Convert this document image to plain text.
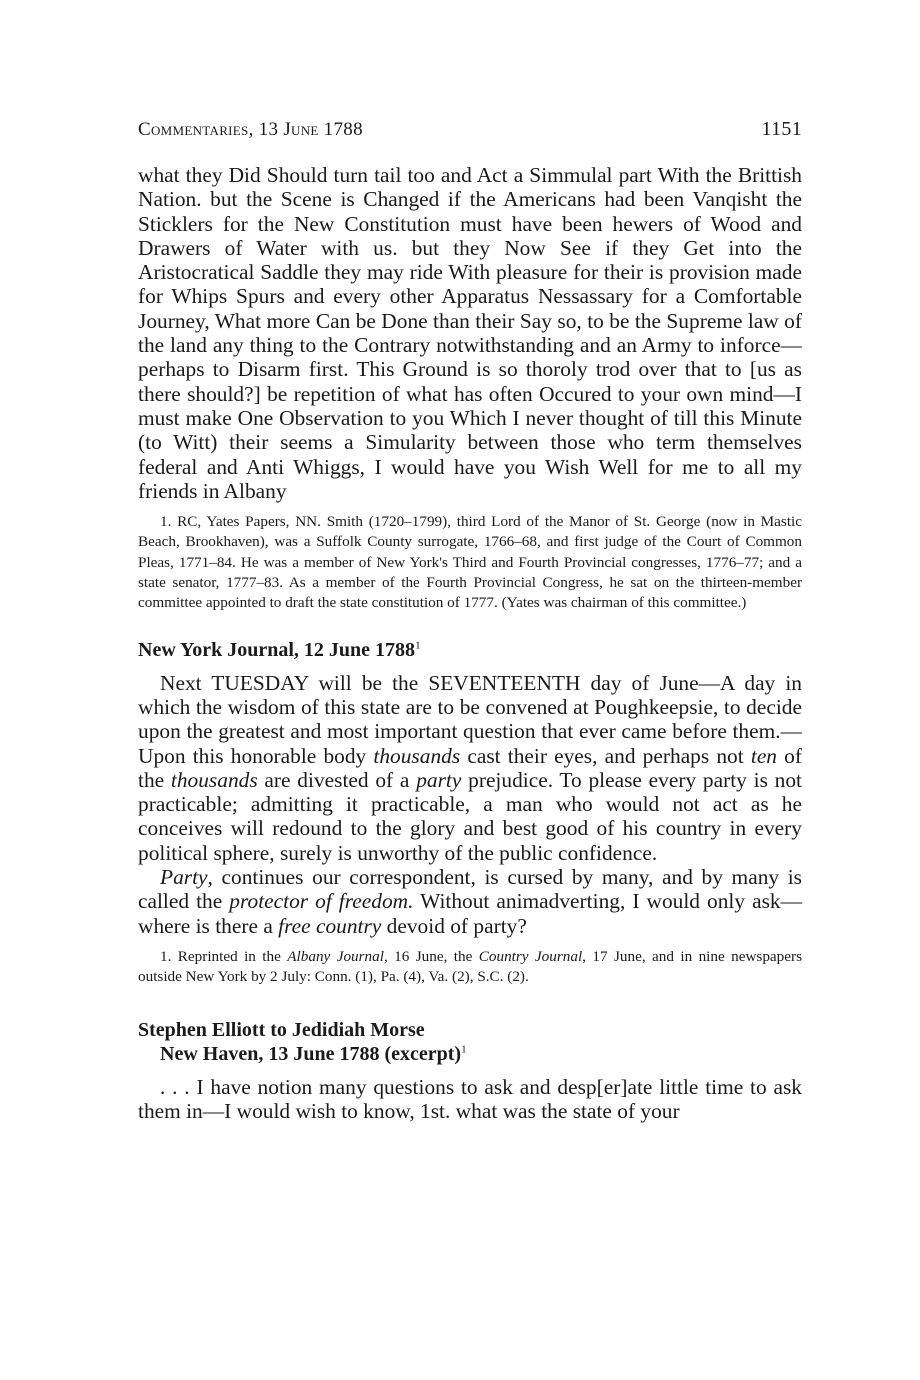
Commentaries, 13 June 1788	1151

what they Did Should turn tail too and Act a Simmulal part With the Brittish Nation. but the Scene is Changed if the Americans had been Vanqisht the Sticklers for the New Constitution must have been hewers of Wood and Drawers of Water with us. but they Now See if they Get into the Aristocratical Saddle they may ride With pleasure for their is provision made for Whips Spurs and every other Apparatus Nessassary for a Comfortable Journey, What more Can be Done than their Say so, to be the Supreme law of the land any thing to the Contrary notwithstanding and an Army to inforce—perhaps to Disarm first. This Ground is so thoroly trod over that to [us as there should?] be repetition of what has often Occured to your own mind—I must make One Observation to you Which I never thought of till this Minute (to Witt) their seems a Simularity between those who term themselves federal and Anti Whiggs, I would have you Wish Well for me to all my friends in Albany

1. RC, Yates Papers, NN. Smith (1720–1799), third Lord of the Manor of St. George (now in Mastic Beach, Brookhaven), was a Suffolk County surrogate, 1766–68, and first judge of the Court of Common Pleas, 1771–84. He was a member of New York's Third and Fourth Provincial congresses, 1776–77; and a state senator, 1777–83. As a member of the Fourth Provincial Congress, he sat on the thirteen-member committee appointed to draft the state constitution of 1777. (Yates was chairman of this committee.)

New York Journal, 12 June 1788$^1$

Next TUESDAY will be the SEVENTEENTH day of June—A day in which the wisdom of this state are to be convened at Poughkeepsie, to decide upon the greatest and most important question that ever came before them.—Upon this honorable body thousands cast their eyes, and perhaps not ten of the thousands are divested of a party prejudice. To please every party is not practicable; admitting it practicable, a man who would not act as he conceives will redound to the glory and best good of his country in every political sphere, surely is unworthy of the public confidence.

Party, continues our correspondent, is cursed by many, and by many is called the protector of freedom. Without animadverting, I would only ask—where is there a free country devoid of party?

1. Reprinted in the Albany Journal, 16 June, the Country Journal, 17 June, and in nine newspapers outside New York by 2 July: Conn. (1), Pa. (4), Va. (2), S.C. (2).

Stephen Elliott to Jedidiah Morse
New Haven, 13 June 1788 (excerpt)$^1$

. . . I have notion many questions to ask and desp[er]ate little time to ask them in—I would wish to know, 1st. what was the state of your
